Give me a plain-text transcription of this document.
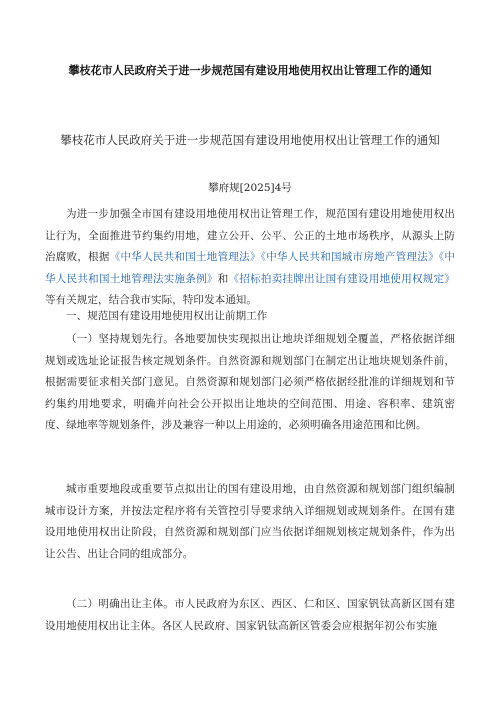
攀枝花市人民政府关于进一步规范国有建设用地使用权出让管理工作的通知
攀枝花市人民政府关于进一步规范国有建设用地使用权出让管理工作的通知
攀府规[2025]4号

为进一步加强全市国有建设用地使用权出让管理工作，规范国有建设用地使用权出让行为，全面推进节约集约用地，建立公开、公平、公正的土地市场秩序，从源头上防治腐败，根据《中华人民共和国土地管理法》《中华人民共和国城市房地产管理法》《中华人民共和国土地管理法实施条例》和《招标拍卖挂牌出让国有建设用地使用权规定》等有关规定，结合我市实际，特印发本通知。

一、规范国有建设用地使用权出让前期工作

（一）坚持规划先行。各地要加快实现拟出让地块详细规划全覆盖，严格依据详细规划或选址论证报告核定规划条件。自然资源和规划部门在制定出让地块规划条件前，根据需要征求相关部门意见。自然资源和规划部门必须严格依据经批准的详细规划和节约集约用地要求，明确并向社会公开拟出让地块的空间范围、用途、容积率、建筑密度、绿地率等规划条件，涉及兼容一种以上用途的，必须明确各用途范围和比例。

城市重要地段或重要节点拟出让的国有建设用地，由自然资源和规划部门组织编制城市设计方案，并按法定程序将有关管控引导要求纳入详细规划或规划条件。在国有建设用地使用权出让阶段，自然资源和规划部门应当依据详细规划核定规划条件，作为出让公告、出让合同的组成部分。

（二）明确出让主体。市人民政府为东区、西区、仁和区、国家钒钛高新区国有建设用地使用权出让主体。各区人民政府、国家钒钛高新区管委会应根据年初公布实施
